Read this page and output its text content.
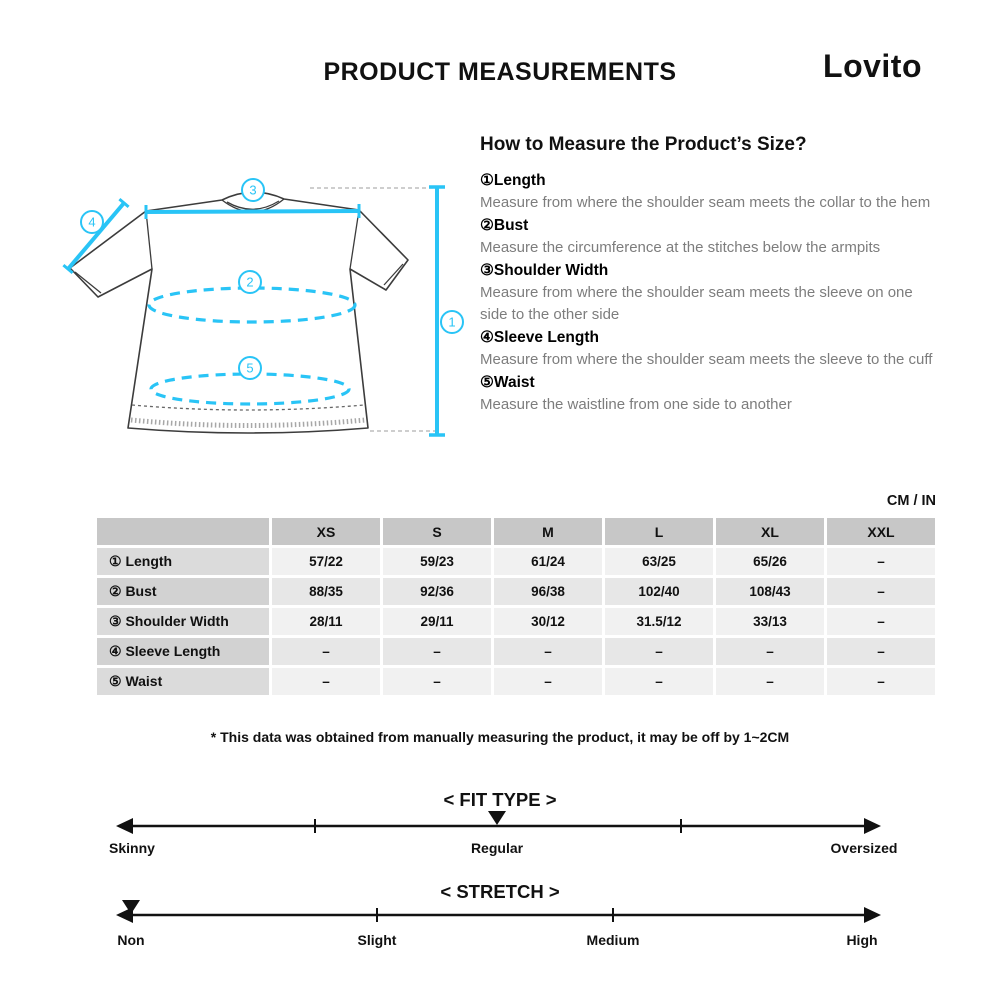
PRODUCT MEASUREMENTS	Lovito
3
4
2
5
1
How to Measure the Product’s Size?
①Length
Measure from where the shoulder seam meets the collar to the hem
②Bust
Measure the circumference at the stitches below the armpits
③Shoulder Width
Measure from where the shoulder seam meets the sleeve on one side to the other side
④Sleeve Length
Measure from where the shoulder seam meets the sleeve to the cuff
⑤Waist
Measure the waistline from one side to another
CM / IN
	XS	S	M	L	XL	XXL
① Length	57/22	59/23	61/24	63/25	65/26	–
② Bust	88/35	92/36	96/38	102/40	108/43	–
③ Shoulder Width	28/11	29/11	30/12	31.5/12	33/13	–
④ Sleeve Length	–	–	–	–	–	–
⑤ Waist	–	–	–	–	–	–
* This data was obtained from manually measuring the product, it may be off by 1~2CM
< FIT TYPE >
Skinny	Regular	Oversized
< STRETCH >
Non	Slight	Medium	High
